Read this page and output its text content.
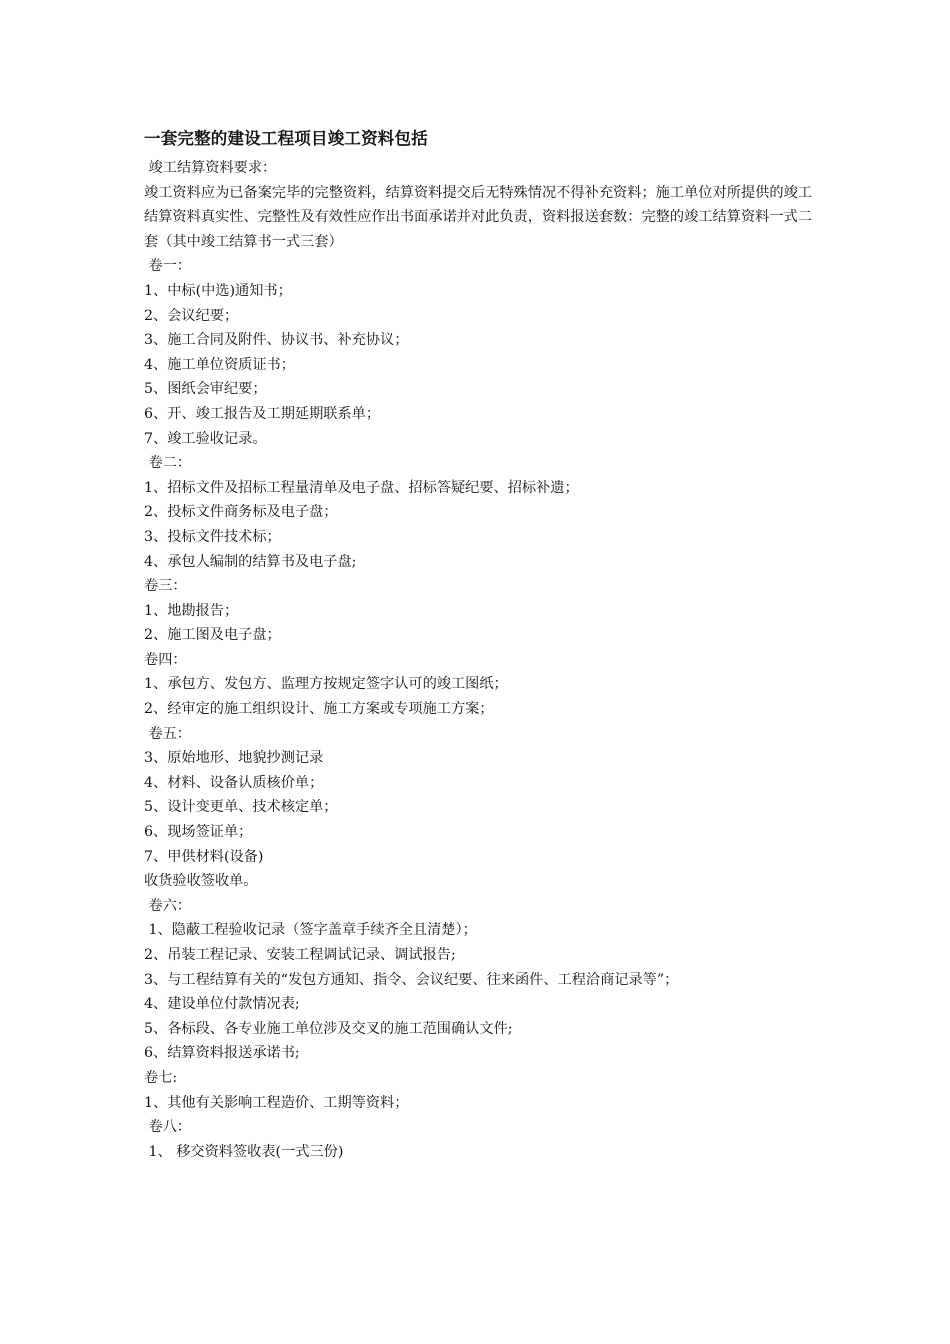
一套完整的建设工程项目竣工资料包括
竣工结算资料要求：
竣工资料应为已备案完毕的完整资料，结算资料提交后无特殊情况不得补充资料；施工单位对所提供的竣工结算资料真实性、完整性及有效性应作出书面承诺并对此负责，资料报送套数：完整的竣工结算资料一式二套（其中竣工结算书一式三套）
卷一：
1、中标(中选)通知书；
2、会议纪要；
3、施工合同及附件、协议书、补充协议；
4、施工单位资质证书；
5、图纸会审纪要；
6、开、竣工报告及工期延期联系单；
7、竣工验收记录。
卷二：
1、招标文件及招标工程量清单及电子盘、招标答疑纪要、招标补遗；
2、投标文件商务标及电子盘；
3、投标文件技术标；
4、承包人编制的结算书及电子盘;
卷三：
1、地勘报告；
2、施工图及电子盘；
卷四：
1、承包方、发包方、监理方按规定签字认可的竣工图纸；
2、经审定的施工组织设计、施工方案或专项施工方案；
卷五：
3、原始地形、地貌抄测记录
4、材料、设备认质核价单；
5、设计变更单、技术核定单；
6、现场签证单；
7、甲供材料(设备)
收货验收签收单。
卷六：
1、隐蔽工程验收记录（签字盖章手续齐全且清楚）；
2、吊装工程记录、安装工程调试记录、调试报告;
3、与工程结算有关的“发包方通知、指令、会议纪要、往来函件、工程洽商记录等”；
4、建设单位付款情况表;
5、各标段、各专业施工单位涉及交叉的施工范围确认文件;
6、结算资料报送承诺书;
卷七:
1、其他有关影响工程造价、工期等资料；
卷八：
1、 移交资料签收表(一式三份)
